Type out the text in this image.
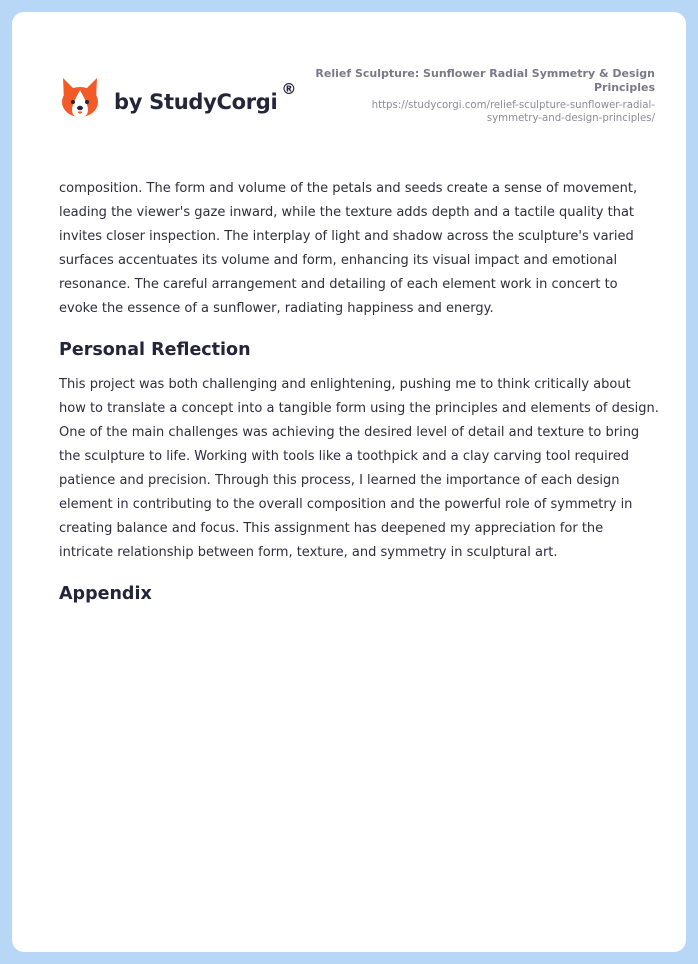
by StudyCorgi
®
Relief Sculpture: Sunflower Radial Symmetry & Design Principles
https://studycorgi.com/relief-sculpture-sunflower-radial-
symmetry-and-design-principles/

composition. The form and volume of the petals and seeds create a sense of movement, leading the viewer's gaze inward, while the texture adds depth and a tactile quality that invites closer inspection. The interplay of light and shadow across the sculpture's varied surfaces accentuates its volume and form, enhancing its visual impact and emotional resonance. The careful arrangement and detailing of each element work in concert to evoke the essence of a sunflower, radiating happiness and energy.

Personal Reflection

This project was both challenging and enlightening, pushing me to think critically about how to translate a concept into a tangible form using the principles and elements of design. One of the main challenges was achieving the desired level of detail and texture to bring the sculpture to life. Working with tools like a toothpick and a clay carving tool required patience and precision. Through this process, I learned the importance of each design element in contributing to the overall composition and the powerful role of symmetry in creating balance and focus. This assignment has deepened my appreciation for the intricate relationship between form, texture, and symmetry in sculptural art.

Appendix
